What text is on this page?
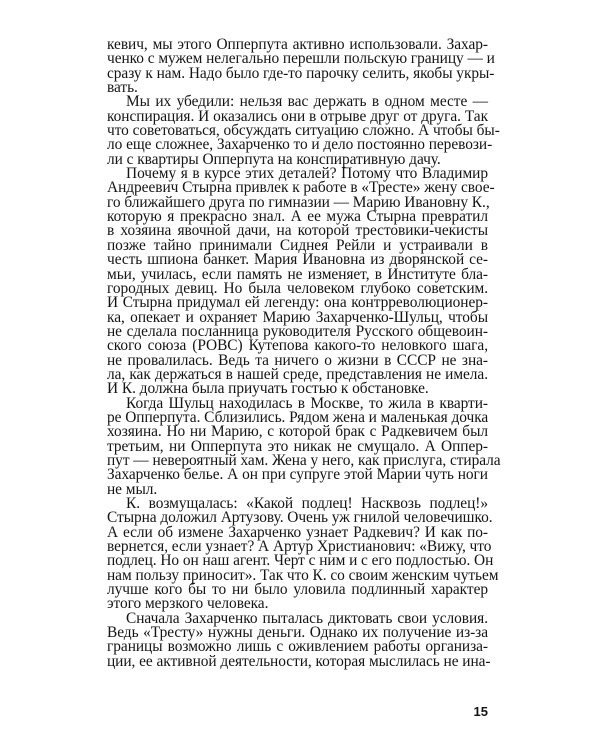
кевич, мы этого Опперпута активно использовали. Захар-
ченко с мужем нелегально перешли польскую границу — и
сразу к нам. Надо было где-то парочку селить, якобы укры-
вать.
Мы их убедили: нельзя вас держать в одном месте —
конспирация. И оказались они в отрыве друг от друга. Так
что советоваться, обсуждать ситуацию сложно. А чтобы бы-
ло еще сложнее, Захарченко то и дело постоянно перевози-
ли с квартиры Опперпута на конспиративную дачу.
Почему я в курсе этих деталей? Потому что Владимир
Андреевич Стырна привлек к работе в «Тресте» жену свое-
го ближайшего друга по гимназии — Марию Ивановну К.,
которую я прекрасно знал. А ее мужа Стырна превратил
в хозяина явочной дачи, на которой трестовики-чекисты
позже тайно принимали Сиднея Рейли и устраивали в
честь шпиона банкет. Мария Ивановна из дворянской се-
мьи, училась, если память не изменяет, в Институте бла-
городных девиц. Но была человеком глубоко советским.
И Стырна придумал ей легенду: она контрреволюционер-
ка, опекает и охраняет Марию Захарченко-Шульц, чтобы
не сделала посланница руководителя Русского общевоин-
ского союза (РОВС) Кутепова какого-то неловкого шага,
не провалилась. Ведь та ничего о жизни в СССР не зна-
ла, как держаться в нашей среде, представления не имела.
И К. должна была приучать гостью к обстановке.
Когда Шульц находилась в Москве, то жила в кварти-
ре Опперпута. Сблизились. Рядом жена и маленькая дочка
хозяина. Но ни Марию, с которой брак с Радкевичем был
третьим, ни Опперпута это никак не смущало. А Оппер-
пут — невероятный хам. Жена у него, как прислуга, стирала
Захарченко белье. А он при супруге этой Марии чуть ноги
не мыл.
К. возмущалась: «Какой подлец! Насквозь подлец!»
Стырна доложил Артузову. Очень уж гнилой человечишко.
А если об измене Захарченко узнает Радкевич? И как по-
вернется, если узнает? А Артур Христианович: «Вижу, что
подлец. Но он наш агент. Черт с ним и с его подлостью. Он
нам пользу приносит». Так что К. со своим женским чутьем
лучше кого бы то ни было уловила подлинный характер
этого мерзкого человека.
Сначала Захарченко пыталась диктовать свои условия.
Ведь «Тресту» нужны деньги. Однако их получение из-за
границы возможно лишь с оживлением работы организа-
ции, ее активной деятельности, которая мыслилась не ина-
15
